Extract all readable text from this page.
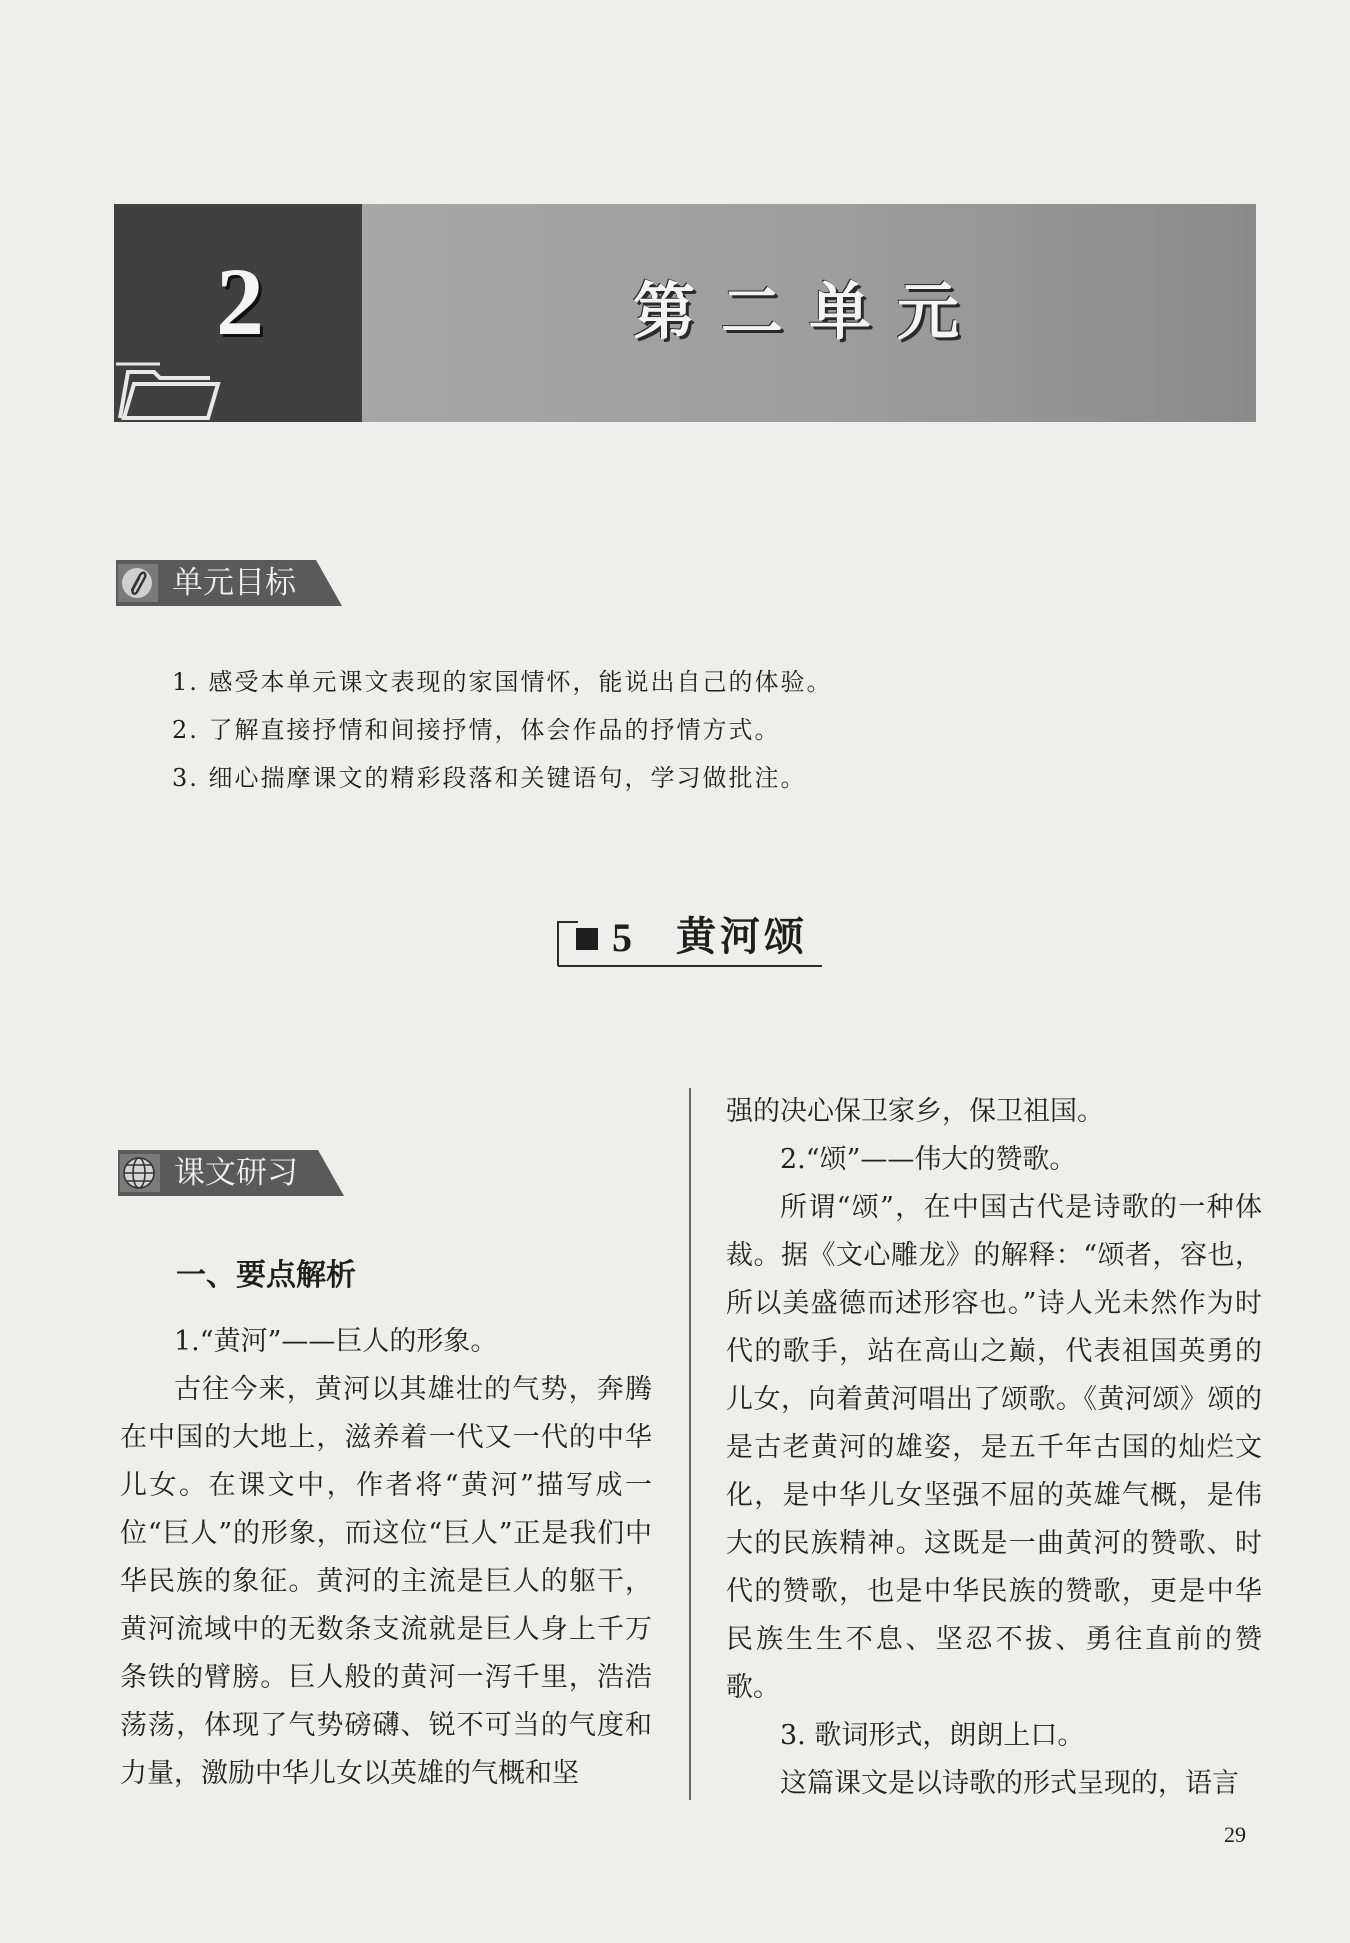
2	第二单元
单元目标
1. 感受本单元课文表现的家国情怀，能说出自己的体验。
2. 了解直接抒情和间接抒情，体会作品的抒情方式。
3. 细心揣摩课文的精彩段落和关键语句，学习做批注。
5 黄河颂
课文研习
一、要点解析

1.“黄河”——巨人的形象。

古往今来，黄河以其雄壮的气势，奔腾在中国的大地上，滋养着一代又一代的中华儿女。在课文中，作者将“黄河”描写成一位“巨人”的形象，而这位“巨人”正是我们中华民族的象征。黄河的主流是巨人的躯干，黄河流域中的无数条支流就是巨人身上千万条铁的臂膀。巨人般的黄河一泻千里，浩浩荡荡，体现了气势磅礴、锐不可当的气度和力量，激励中华儿女以英雄的气概和坚

强的决心保卫家乡，保卫祖国。

2.“颂”——伟大的赞歌。

所谓“颂”，在中国古代是诗歌的一种体裁。据《文心雕龙》的解释：“颂者，容也，所以美盛德而述形容也。”诗人光未然作为时代的歌手，站在高山之巅，代表祖国英勇的儿女，向着黄河唱出了颂歌。《黄河颂》颂的是古老黄河的雄姿，是五千年古国的灿烂文化，是中华儿女坚强不屈的英雄气概，是伟大的民族精神。这既是一曲黄河的赞歌、时代的赞歌，也是中华民族的赞歌，更是中华民族生生不息、坚忍不拔、勇往直前的赞歌。

3. 歌词形式，朗朗上口。

这篇课文是以诗歌的形式呈现的，语言

29
